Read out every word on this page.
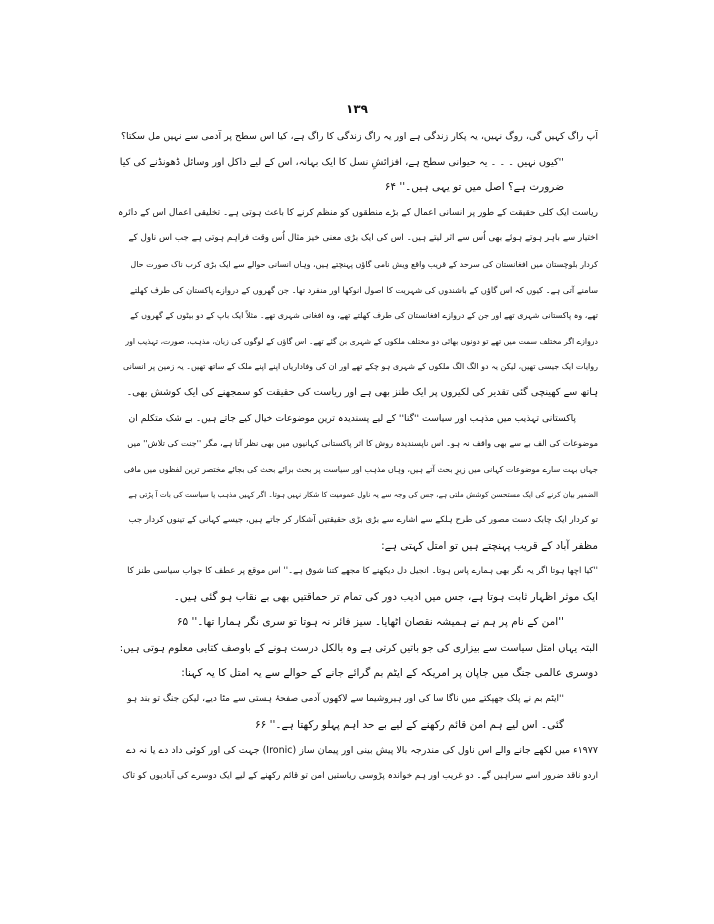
۱۳۹
آپ راگ کہیں گی، روگ نہیں، یہ پکار زندگی ہے اور یہ راگ زندگی کا راگ ہے، کیا اس سطح پر آدمی سے نہیں مل سکتا؟
''کیوں نہیں ۔ ۔ ۔ یہ حیوانی سطح ہے، افزائشِ نسل کا ایک بہانہ، اس کے لیے داکل اور وسائل ڈھونڈنے کی کیا
ضرورت ہے؟ اصل میں تو یہی ہیں۔'' ۶۴
ریاست ایک کلی حقیقت کے طور پر انسانی اعمال کے بڑے منطقوں کو منظم کرنے کا باعث ہوتی ہے۔ تخلیقی اعمال اس کے دائرہ
اختیار سے باہر ہوتے ہوئے بھی اُس سے اثر لیتے ہیں۔ اس کی ایک بڑی معنی خیز مثال اُس وقت فراہم ہوتی ہے جب اس ناول کے
کردار بلوچستان میں افغانستان کی سرحد کے قریب واقع ویش نامی گاؤں پہنچتے ہیں، وہاں انسانی حوالے سے ایک بڑی کرب ناک صورت حال
سامنے آتی ہے۔ کیوں کہ اس گاؤں کے باشندوں کی شہریت کا اصول انوکھا اور منفرد تھا۔ جن گھروں کے دروازے پاکستان کی طرف کھلتے
تھے، وہ پاکستانی شہری تھے اور جن کے دروازے افغانستان کی طرف کھلتے تھے، وہ افغانی شہری تھے۔ مثلاً ایک باپ کے دو بیٹوں کے گھروں کے
دروازے اگر مختلف سمت میں تھے تو دونوں بھائی دو مختلف ملکوں کے شہری بن گئے تھے۔ اس گاؤں کے لوگوں کی زبان، مذہب، صورت، تہذیب اور
روایات ایک جیسی تھیں، لیکن یہ دو الگ الگ ملکوں کے شہری ہو چکے تھے اور ان کی وفاداریاں اپنے اپنے ملک کے ساتھ تھیں۔ یہ زمین پر انسانی
ہاتھ سے کھینچی گئی تقدیر کی لکیروں پر ایک طنز بھی ہے اور ریاست کی حقیقت کو سمجھنے کی ایک کوشش بھی۔
پاکستانی تہذیب میں مذہب اور سیاست ''گنا'' کے لیے پسندیدہ ترین موضوعات خیال کیے جاتے ہیں۔ بے شک متکلم ان
موضوعات کی الف بے سے بھی واقف نہ ہو۔ اس ناپسندیدہ روش کا اثر پاکستانی کہانیوں میں بھی نظر آتا ہے، مگر ''جنت کی تلاش'' میں
جہاں بہت سارے موضوعات کہانی میں زیرِ بحث آتے ہیں، وہاں مذہب اور سیاست پر بحث برائے بحث کی بجائے مختصر ترین لفظوں میں مافی
الضمیر بیان کرنے کی ایک مستحسن کوشش ملتی ہے، جس کی وجہ سے یہ ناول عمومیت کا شکار نہیں ہوتا۔ اگر کہیں مذہب یا سیاست کی بات آ پڑتی ہے
تو کردار ایک چابک دست مصور کی طرح ہلکے سے اشارے سے بڑی بڑی حقیقتیں آشکار کر جاتے ہیں، جیسے کہانی کے تینوں کردار جب
مظفر آباد کے قریب پہنچتے ہیں تو امتل کہتی ہے:
''کیا اچھا ہوتا اگر یہ نگر بھی ہمارے پاس ہوتا۔ انجیل دل دیکھنے کا مجھے کتنا شوق ہے۔'' اس موقع پر عطف کا جواب سیاسی طنز کا
ایک موثر اظہار ثابت ہوتا ہے، جس میں ادیب دور کی تمام تر حماقتیں بھی بے نقاب ہو گئی ہیں۔
''امن کے نام پر ہم نے ہمیشہ نقصان اٹھایا۔ سیز فائر نہ ہوتا تو سری نگر ہمارا تھا۔'' ۶۵
البتہ یہاں امتل سیاست سے بیزاری کی جو باتیں کرتی ہے وہ بالکل درست ہونے کے باوصف کتابی معلوم ہوتی ہیں:
دوسری عالمی جنگ میں جاپان پر امریکہ کے ایٹم بم گرائے جانے کے حوالے سے یہ امتل کا یہ کہنا:
''ایٹم بم نے پلک جھپکتے میں ناگا سا کی اور ہیروشیما سے لاکھوں آدمی صفحۂ ہستی سے مٹا دیے، لیکن جنگ تو بند ہو
گئی۔ اس لیے ہم امن قائم رکھنے کے لیے بے حد اہم پہلو رکھتا ہے۔'' ۶۶
۱۹۷۷ء میں لکھے جانے والے اس ناول کی مندرجہ بالا پیش بینی اور پیمان ساز (Ironic) جہت کی اور کوئی داد دے یا نہ دے
اردو ناقد ضرور اسے سراہیں گے۔ دو غریب اور ہم خواندہ پڑوسی ریاستیں امن تو قائم رکھنے کے لیے ایک دوسرے کی آبادیوں کو تاک
